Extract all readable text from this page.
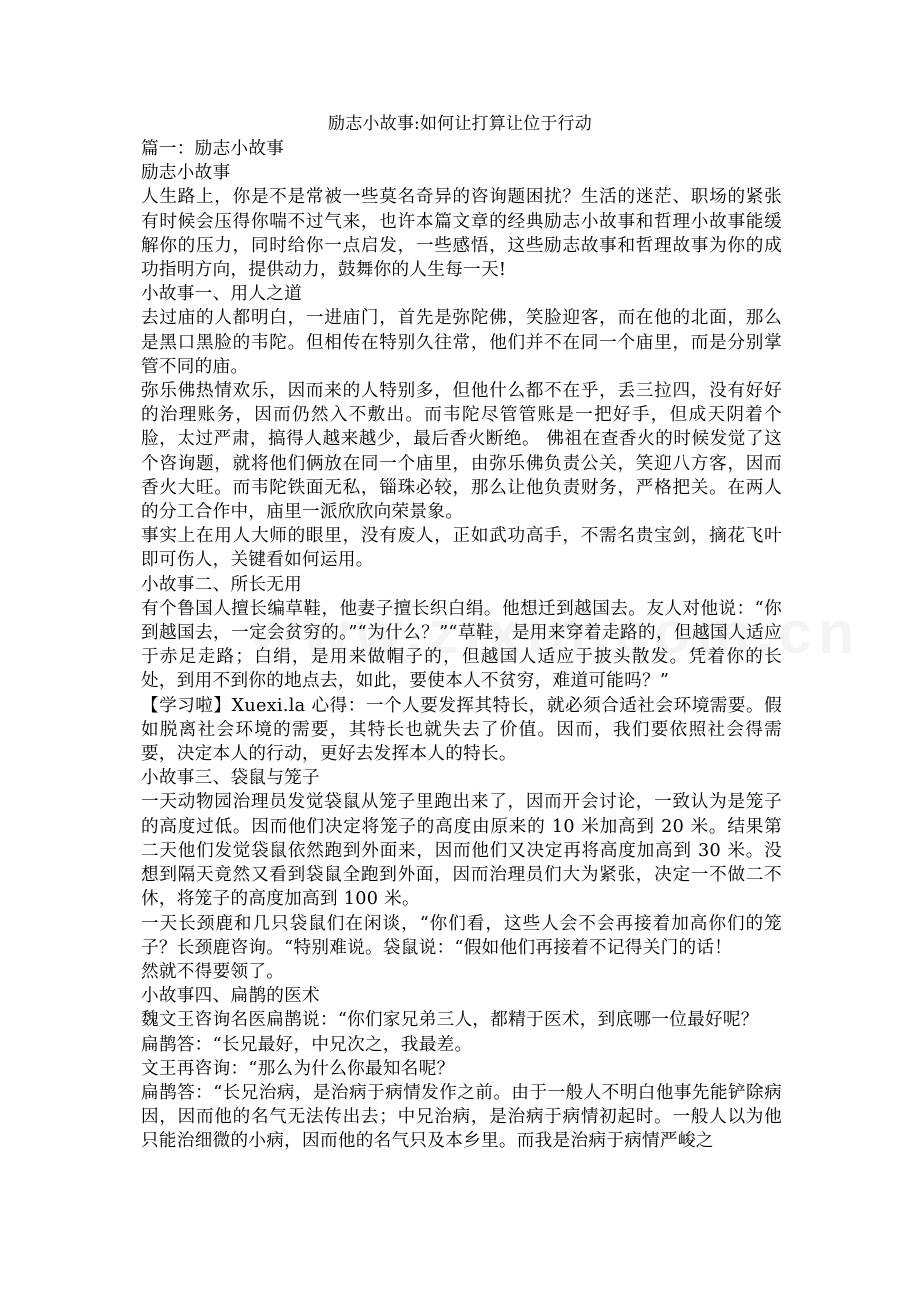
励志小故事:如何让打算让位于行动

篇一：励志小故事

励志小故事

人生路上，你是不是常被一些莫名奇异的咨询题困扰？生活的迷茫、职场的紧张有时候会压得你喘不过气来，也许本篇文章的经典励志小故事和哲理小故事能缓解你的压力，同时给你一点启发，一些感悟，这些励志故事和哲理故事为你的成功指明方向，提供动力，鼓舞你的人生每一天!

小故事一、用人之道

去过庙的人都明白，一进庙门，首先是弥陀佛，笑脸迎客，而在他的北面，那么是黑口黑脸的韦陀。但相传在特别久往常，他们并不在同一个庙里，而是分别掌管不同的庙。

弥乐佛热情欢乐，因而来的人特别多，但他什么都不在乎，丢三拉四，没有好好的治理账务，因而仍然入不敷出。而韦陀尽管管账是一把好手，但成天阴着个脸，太过严肃，搞得人越来越少，最后香火断绝。 佛祖在查香火的时候发觉了这个咨询题，就将他们俩放在同一个庙里，由弥乐佛负责公关，笑迎八方客，因而香火大旺。而韦陀铁面无私，锱珠必较，那么让他负责财务，严格把关。在两人的分工合作中，庙里一派欣欣向荣景象。

事实上在用人大师的眼里，没有废人，正如武功高手，不需名贵宝剑，摘花飞叶即可伤人，关键看如何运用。

小故事二、所长无用

有个鲁国人擅长编草鞋，他妻子擅长织白绢。他想迁到越国去。友人对他说：“你到越国去，一定会贫穷的。”“为什么？”“草鞋，是用来穿着走路的，但越国人适应于赤足走路；白绢，是用来做帽子的，但越国人适应于披头散发。凭着你的长处，到用不到你的地点去，如此，要使本人不贫穷，难道可能吗？”

【学习啦】Xuexi.la 心得：一个人要发挥其特长，就必须合适社会环境需要。假如脱离社会环境的需要，其特长也就失去了价值。因而，我们要依照社会得需要，决定本人的行动，更好去发挥本人的特长。

小故事三、袋鼠与笼子

一天动物园治理员发觉袋鼠从笼子里跑出来了，因而开会讨论，一致认为是笼子的高度过低。因而他们决定将笼子的高度由原来的 10 米加高到 20 米。结果第二天他们发觉袋鼠依然跑到外面来，因而他们又决定再将高度加高到 30 米。没想到隔天竟然又看到袋鼠全跑到外面，因而治理员们大为紧张，决定一不做二不休，将笼子的高度加高到 100 米。

一天长颈鹿和几只袋鼠们在闲谈，“你们看，这些人会不会再接着加高你们的笼子？长颈鹿咨询。“特别难说。袋鼠说：“假如他们再接着不记得关门的话！

然就不得要领了。

小故事四、扁鹊的医术

魏文王咨询名医扁鹊说：“你们家兄弟三人，都精于医术，到底哪一位最好呢？

扁鹊答：“长兄最好，中兄次之，我最差。

文王再咨询：“那么为什么你最知名呢？

扁鹊答：“长兄治病，是治病于病情发作之前。由于一般人不明白他事先能铲除病因，因而他的名气无法传出去；中兄治病，是治病于病情初起时。一般人以为他只能治细微的小病，因而他的名气只及本乡里。而我是治病于病情严峻之
